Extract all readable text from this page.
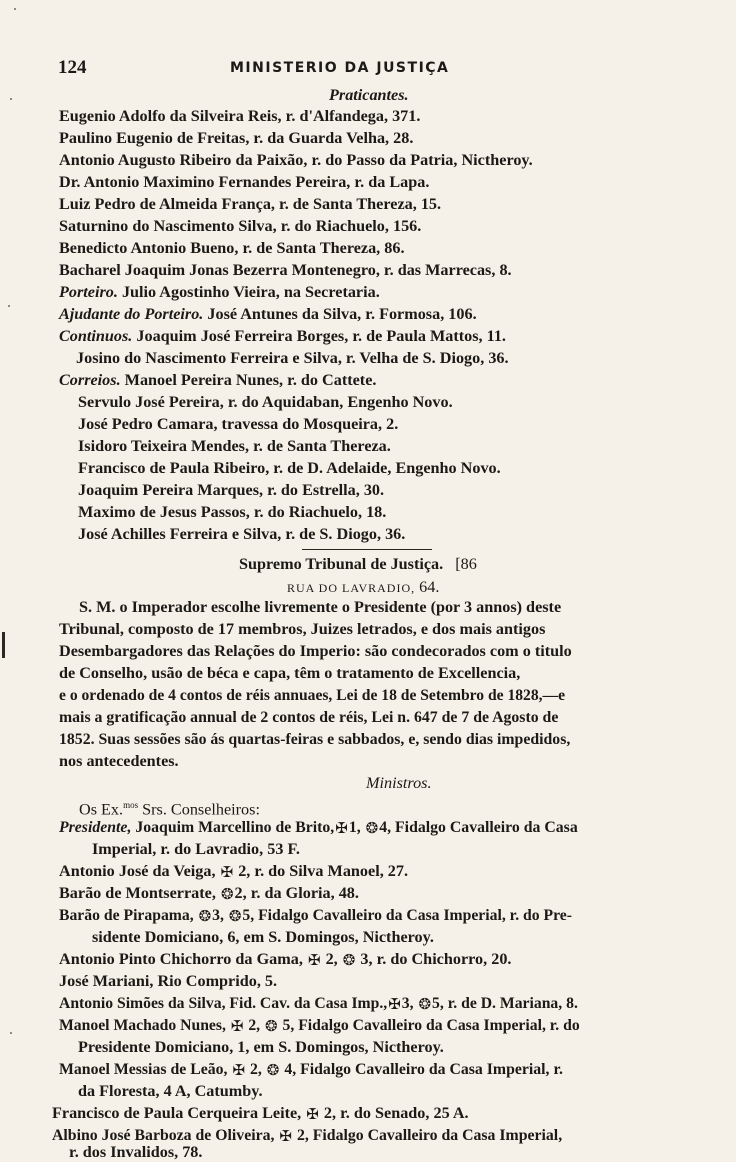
124	MINISTERIO DA JUSTIÇA
Praticantes.
Eugenio Adolfo da Silveira Reis, r. d'Alfandega, 371.
Paulino Eugenio de Freitas, r. da Guarda Velha, 28.
Antonio Augusto Ribeiro da Paixão, r. do Passo da Patria, Nictheroy.
Dr. Antonio Maximino Fernandes Pereira, r. da Lapa.
Luiz Pedro de Almeida França, r. de Santa Thereza, 15.
Saturnino do Nascimento Silva, r. do Riachuelo, 156.
Benedicto Antonio Bueno, r. de Santa Thereza, 86.
Bacharel Joaquim Jonas Bezerra Montenegro, r. das Marrecas, 8.
Porteiro. Julio Agostinho Vieira, na Secretaria.
Ajudante do Porteiro. José Antunes da Silva, r. Formosa, 106.
Continuos. Joaquim José Ferreira Borges, r. de Paula Mattos, 11.
Josino do Nascimento Ferreira e Silva, r. Velha de S. Diogo, 36.
Correios. Manoel Pereira Nunes, r. do Cattete.
Servulo José Pereira, r. do Aquidaban, Engenho Novo.
José Pedro Camara, travessa do Mosqueira, 2.
Isidoro Teixeira Mendes, r. de Santa Thereza.
Francisco de Paula Ribeiro, r. de D. Adelaide, Engenho Novo.
Joaquim Pereira Marques, r. do Estrella, 30.
Maximo de Jesus Passos, r. do Riachuelo, 18.
José Achilles Ferreira e Silva, r. de S. Diogo, 36.
Supremo Tribunal de Justiça. [86
RUA DO LAVRADIO, 64.
S. M. o Imperador escolhe livremente o Presidente (por 3 annos) deste
Tribunal, composto de 17 membros, Juizes letrados, e dos mais antigos
Desembargadores das Relações do Imperio: são condecorados com o titulo
de Conselho, usão de béca e capa, têm o tratamento de Excellencia,
e o ordenado de 4 contos de réis annuaes, Lei de 18 de Setembro de 1828,—e
mais a gratificação annual de 2 contos de réis, Lei n. 647 de 7 de Agosto de
1852. Suas sessões são ás quartas-feiras e sabbados, e, sendo dias impedidos,
nos antecedentes.
Ministros.
Os Ex.$^{mos}$ Srs. Conselheiros:
Presidente, Joaquim Marcellino de Brito,✠1, ❂4, Fidalgo Cavalleiro da Casa
Imperial, r. do Lavradio, 53 F.
Antonio José da Veiga, ✠ 2, r. do Silva Manoel, 27.
Barão de Montserrate, ❂2, r. da Gloria, 48.
Barão de Pirapama, ❂3, ❂5, Fidalgo Cavalleiro da Casa Imperial, r. do Pre-
sidente Domiciano, 6, em S. Domingos, Nictheroy.
Antonio Pinto Chichorro da Gama, ✠ 2, ❂ 3, r. do Chichorro, 20.
José Mariani, Rio Comprido, 5.
Antonio Simões da Silva, Fid. Cav. da Casa Imp.,✠3, ❂5, r. de D. Mariana, 8.
Manoel Machado Nunes, ✠ 2, ❂ 5, Fidalgo Cavalleiro da Casa Imperial, r. do
Presidente Domiciano, 1, em S. Domingos, Nictheroy.
Manoel Messias de Leão, ✠ 2, ❂ 4, Fidalgo Cavalleiro da Casa Imperial, r.
da Floresta, 4 A, Catumby.
Francisco de Paula Cerqueira Leite, ✠ 2, r. do Senado, 25 A.
Albino José Barboza de Oliveira, ✠ 2, Fidalgo Cavalleiro da Casa Imperial,
r. dos Invalidos, 78.
